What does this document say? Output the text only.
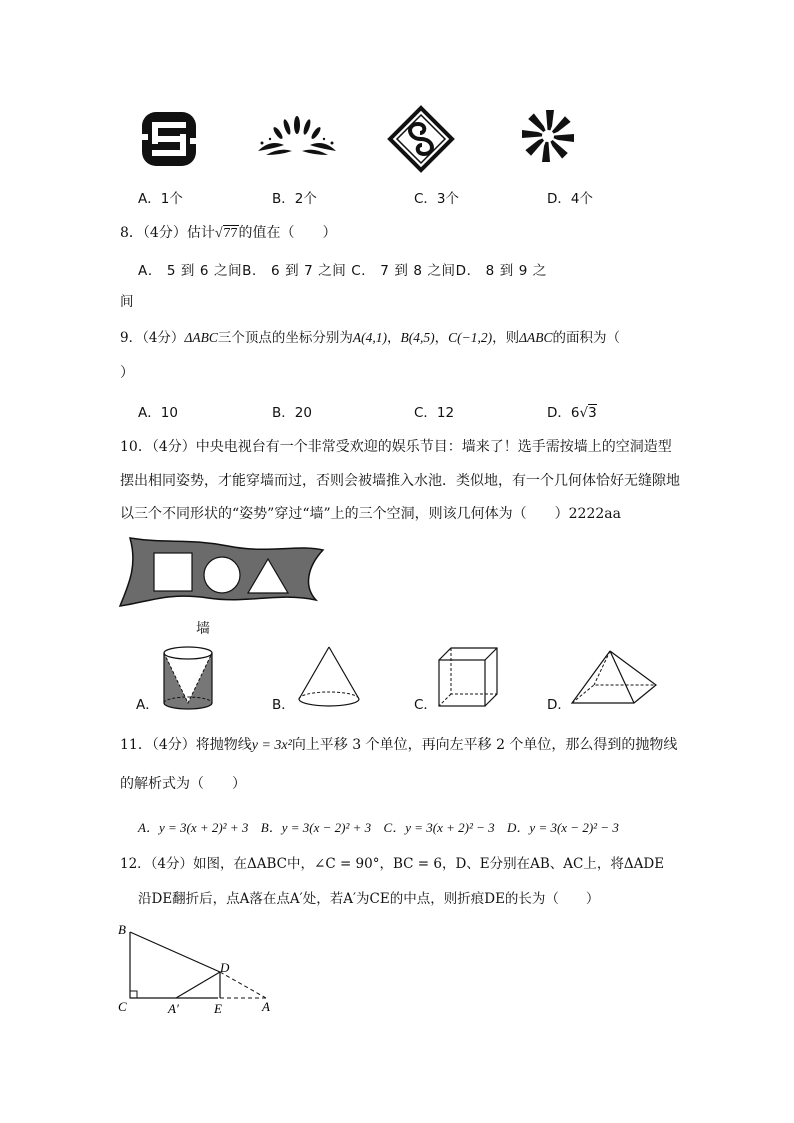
A．1个	B．2个	C．3个	D．4个
8．（4分）估计√77的值在（　　）
A． 5 到 6 之间B． 6 到 7 之间 C． 7 到 8 之间D． 8 到 9 之
间
9．（4分）ΔABC三个顶点的坐标分别为A(4,1)，B(4,5)，C(−1,2)，则ΔABC的面积为（
）
A．10	B．20	C．12	D．6√3
10．（4分）中央电视台有一个非常受欢迎的娱乐节目：墙来了！选手需按墙上的空洞造型
摆出相同姿势，才能穿墙而过，否则会被墙推入水池．类似地，有一个几何体恰好无缝隙地
以三个不同形状的“姿势”穿过“墙”上的三个空洞，则该几何体为（　　）2222aa
墙
A．	B．	C．	D．
11．（4分）将抛物线y = 3x²向上平移 3 个单位，再向左平移 2 个单位，那么得到的抛物线
的解析式为（　　）
A．y = 3(x + 2)² + 3 B．y = 3(x − 2)² + 3 C．y = 3(x + 2)² − 3 D．y = 3(x − 2)² − 3
12．（4分）如图，在ΔABC中，∠C = 90°，BC = 6，D、E分别在AB、AC上，将ΔADE
沿DE翻折后，点A落在点A′处，若A′为CE的中点，则折痕DE的长为（　　）
B
D
C	A′	E	A
